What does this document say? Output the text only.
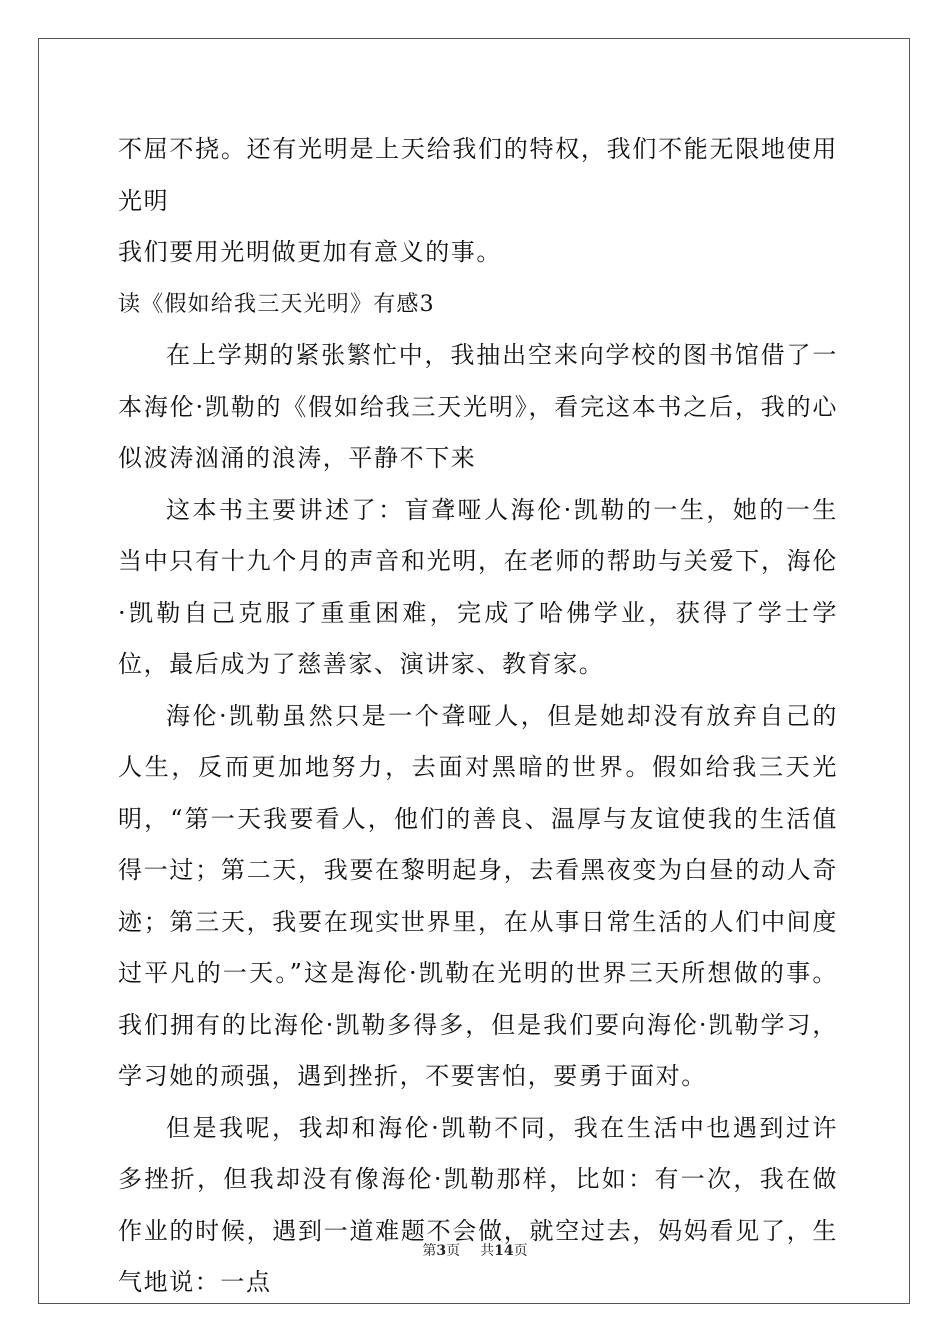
不屈不挠。还有光明是上天给我们的特权，我们不能无限地使用光明

我们要用光明做更加有意义的事。

读《假如给我三天光明》有感3

在上学期的紧张繁忙中，我抽出空来向学校的图书馆借了一本海伦·凯勒的《假如给我三天光明》，看完这本书之后，我的心似波涛汹涌的浪涛，平静不下来

这本书主要讲述了：盲聋哑人海伦·凯勒的一生，她的一生当中只有十九个月的声音和光明，在老师的帮助与关爱下，海伦·凯勒自己克服了重重困难，完成了哈佛学业，获得了学士学位，最后成为了慈善家、演讲家、教育家。

海伦·凯勒虽然只是一个聋哑人，但是她却没有放弃自己的人生，反而更加地努力，去面对黑暗的世界。假如给我三天光明，“第一天我要看人，他们的善良、温厚与友谊使我的生活值得一过；第二天，我要在黎明起身，去看黑夜变为白昼的动人奇迹；第三天，我要在现实世界里，在从事日常生活的人们中间度过平凡的一天。”这是海伦·凯勒在光明的世界三天所想做的事。我们拥有的比海伦·凯勒多得多，但是我们要向海伦·凯勒学习，学习她的顽强，遇到挫折，不要害怕，要勇于面对。

但是我呢，我却和海伦·凯勒不同，我在生活中也遇到过许多挫折，但我却没有像海伦·凯勒那样，比如：有一次，我在做作业的时候，遇到一道难题不会做，就空过去，妈妈看见了，生气地说：一点

第3页 共14页
